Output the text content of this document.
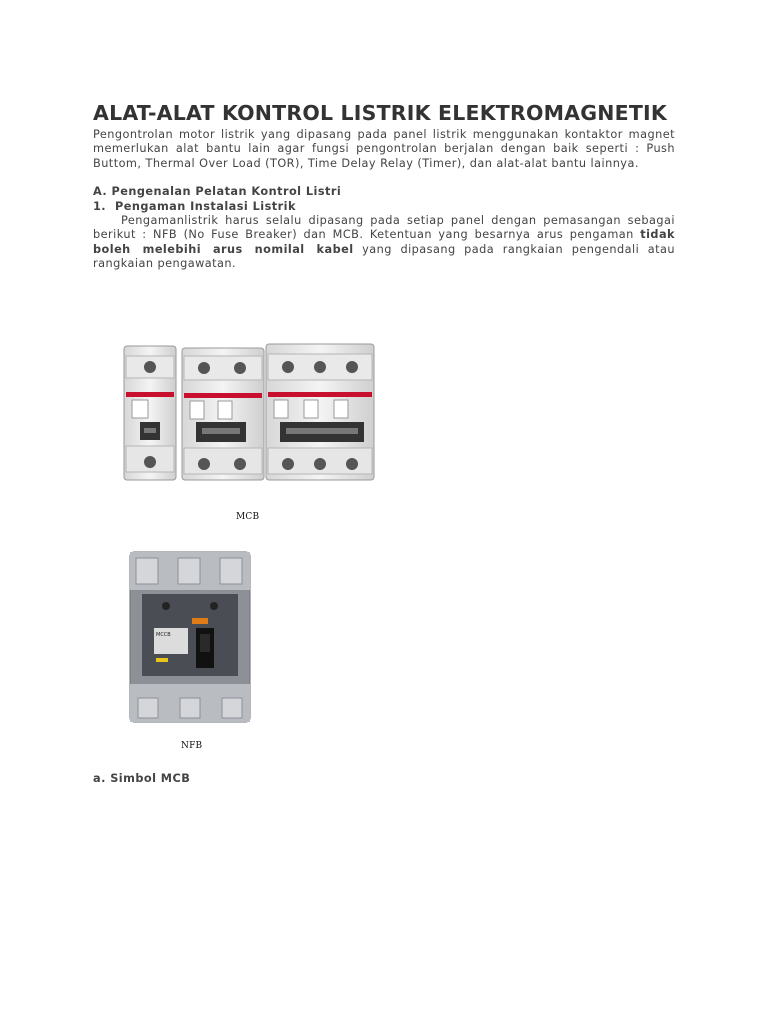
ALAT-ALAT KONTROL LISTRIK ELEKTROMAGNETIK

Pengontrolan motor listrik yang dipasang pada panel listrik menggunakan kontaktor magnet memerlukan alat bantu lain agar fungsi pengontrolan berjalan dengan baik seperti : Push Buttom, Thermal Over Load (TOR), Time Delay Relay (Timer), dan alat-alat bantu lainnya.

A. Pengenalan Pelatan Kontrol Listri

1. Pengaman Instalasi Listrik

Pengamanlistrik harus selalu dipasang pada setiap panel dengan pemasangan sebagai berikut : NFB (No Fuse Breaker) dan MCB. Ketentuan yang besarnya arus pengaman tidak boleh melebihi arus nomilal kabel yang dipasang pada rangkaian pengendali atau rangkaian pengawatan.

MCB
MCCB
NFB
a. Simbol MCB
